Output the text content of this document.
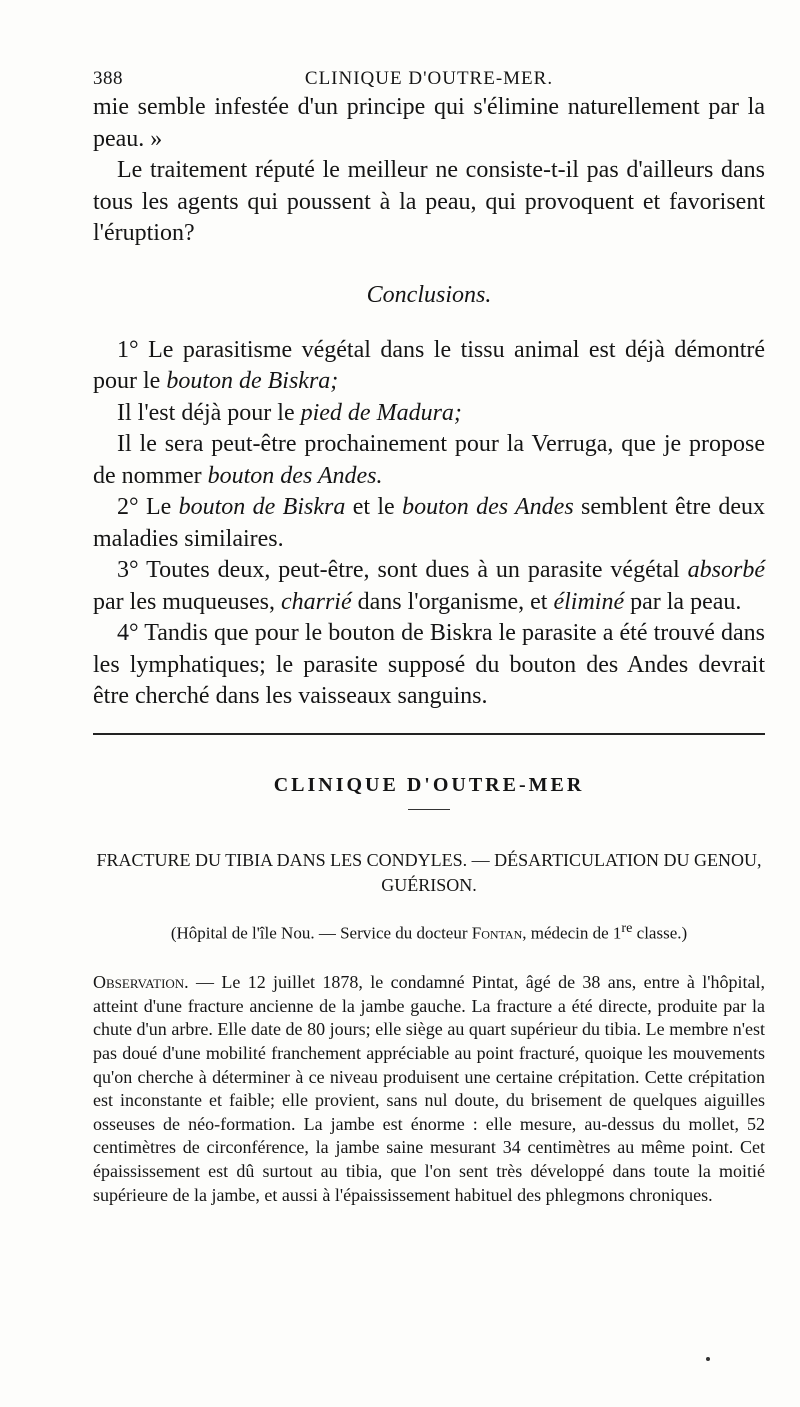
388	CLINIQUE D'OUTRE-MER.

mie semble infestée d'un principe qui s'élimine naturellement par la peau. »

Le traitement réputé le meilleur ne consiste-t-il pas d'ailleurs dans tous les agents qui poussent à la peau, qui provoquent et favorisent l'éruption?

Conclusions.

1° Le parasitisme végétal dans le tissu animal est déjà démontré pour le bouton de Biskra;

Il l'est déjà pour le pied de Madura;

Il le sera peut-être prochainement pour la Verruga, que je propose de nommer bouton des Andes.

2° Le bouton de Biskra et le bouton des Andes semblent être deux maladies similaires.

3° Toutes deux, peut-être, sont dues à un parasite végétal absorbé par les muqueuses, charrié dans l'organisme, et éliminé par la peau.

4° Tandis que pour le bouton de Biskra le parasite a été trouvé dans les lymphatiques; le parasite supposé du bouton des Andes devrait être cherché dans les vaisseaux sanguins.

CLINIQUE D'OUTRE-MER
FRACTURE DU TIBIA DANS LES CONDYLES. — DÉSARTICULATION DU GENOU, GUÉRISON.
(Hôpital de l'île Nou. — Service du docteur Fontan, médecin de 1re classe.)

Observation. — Le 12 juillet 1878, le condamné Pintat, âgé de 38 ans, entre à l'hôpital, atteint d'une fracture ancienne de la jambe gauche. La fracture a été directe, produite par la chute d'un arbre. Elle date de 80 jours; elle siège au quart supérieur du tibia. Le membre n'est pas doué d'une mobilité franchement appréciable au point fracturé, quoique les mouvements qu'on cherche à déterminer à ce niveau produisent une certaine crépitation. Cette crépitation est inconstante et faible; elle provient, sans nul doute, du brisement de quelques aiguilles osseuses de néo-formation. La jambe est énorme : elle mesure, au-dessus du mollet, 52 centimètres de circonférence, la jambe saine mesurant 34 centimètres au même point. Cet épaississement est dû surtout au tibia, que l'on sent très développé dans toute la moitié supérieure de la jambe, et aussi à l'épaississement habituel des phlegmons chroniques.
